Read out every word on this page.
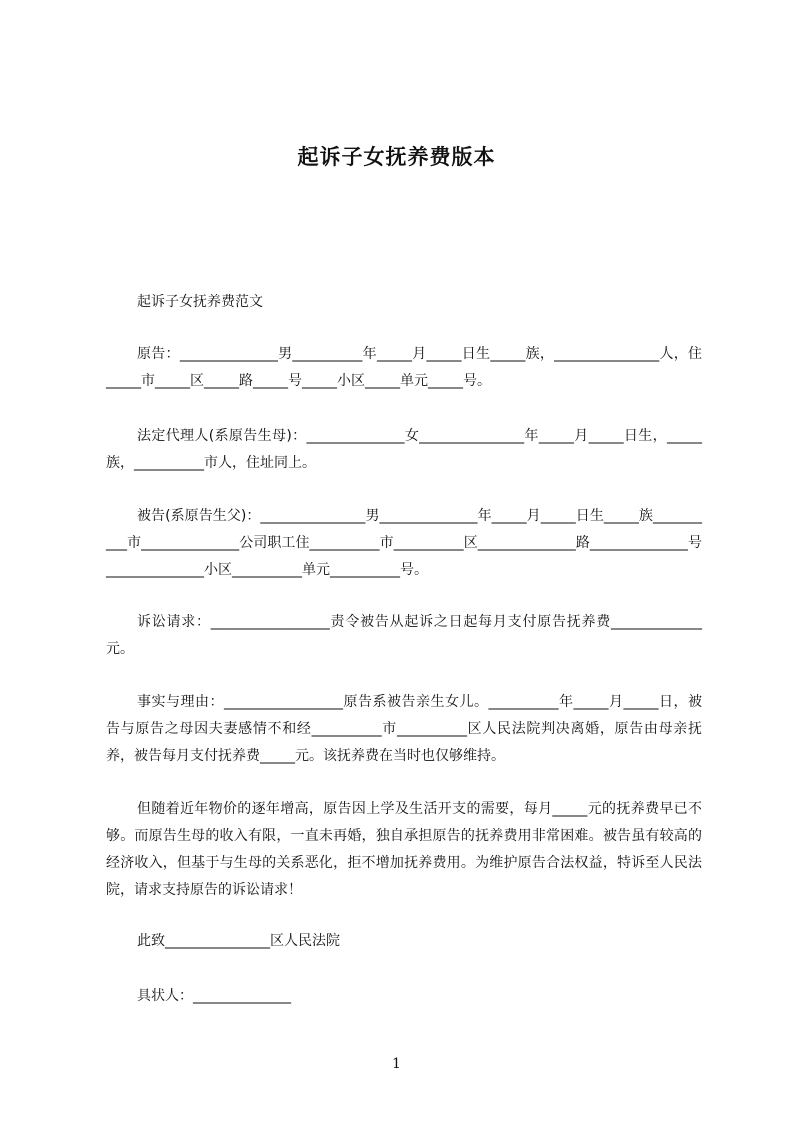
起诉子女抚养费版本

起诉子女抚养费范文

原告：______________男__________年_____月_____日生_____族，_______________人，住_____市_____区_____路_____号_____小区_____单元_____号。

法定代理人(系原告生母)：______________女_______________年_____月_____日生，_____族，__________市人，住址同上。

被告(系原告生父)：_______________男______________年_____月_____日生_____族__________市______________公司职工住__________市__________区______________路______________号______________小区__________单元__________号。

诉讼请求：_________________责令被告从起诉之日起每月支付原告抚养费_____________元。

事实与理由：_________________原告系被告亲生女儿。__________年_____月_____日，被告与原告之母因夫妻感情不和经__________市__________区人民法院判决离婚，原告由母亲抚养，被告每月支付抚养费_____元。该抚养费在当时也仅够维持。

但随着近年物价的逐年增高，原告因上学及生活开支的需要，每月_____元的抚养费早已不够。而原告生母的收入有限，一直未再婚，独自承担原告的抚养费用非常困难。被告虽有较高的经济收入，但基于与生母的关系恶化，拒不增加抚养费用。为维护原告合法权益，特诉至人民法院，请求支持原告的诉讼请求！

此致_______________区人民法院

具状人：______________

1
